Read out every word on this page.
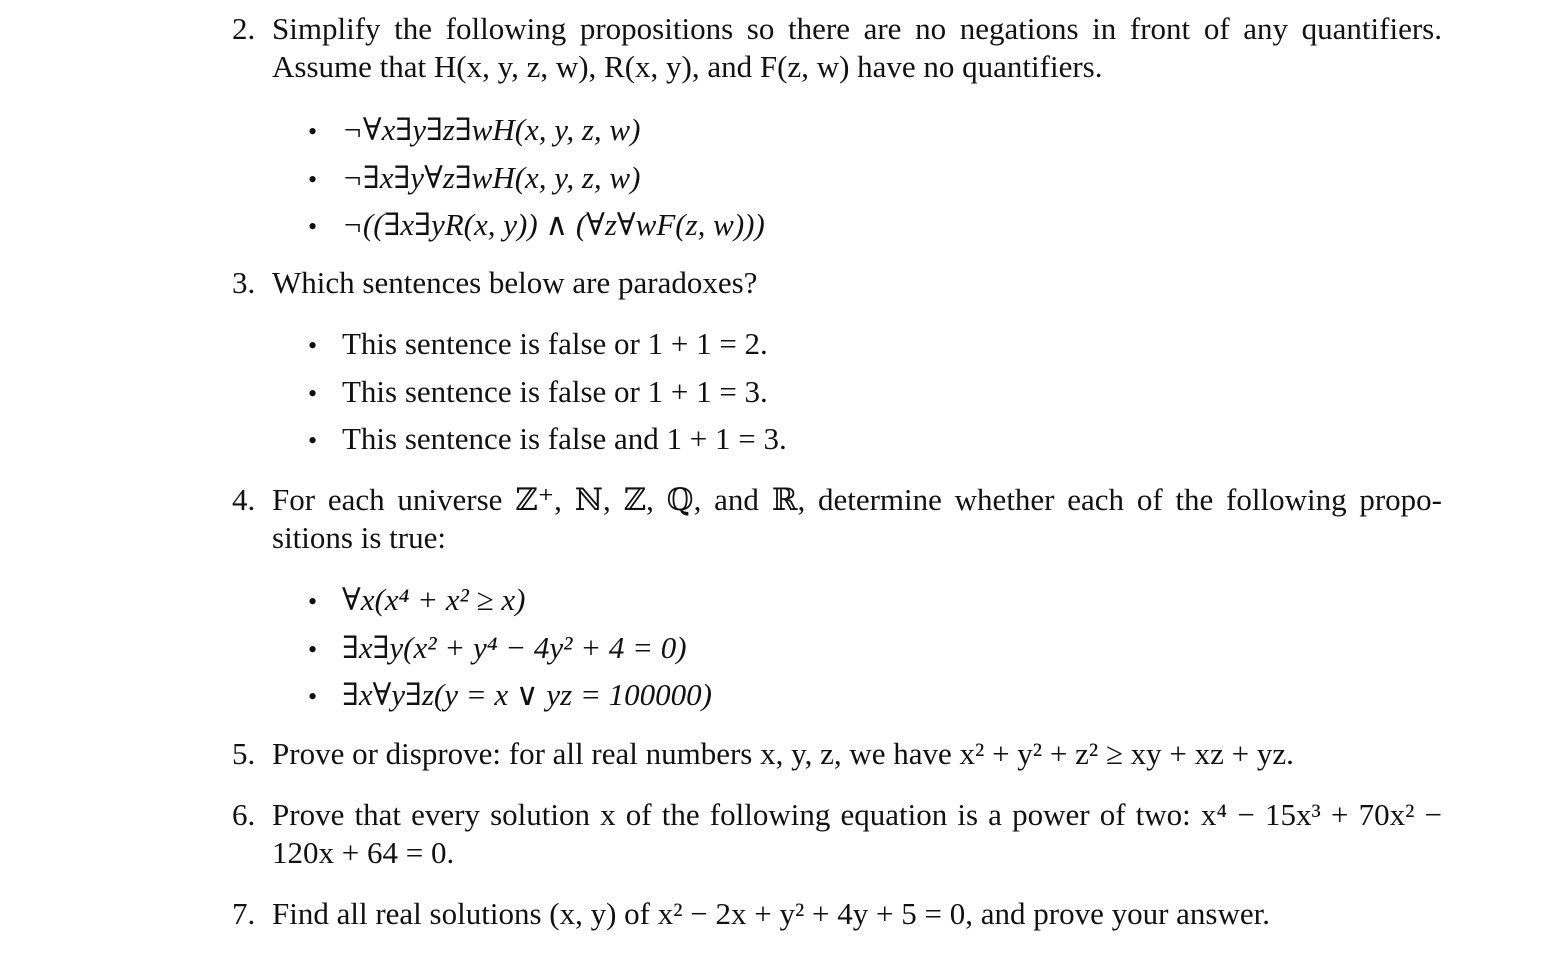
2. Simplify the following propositions so there are no negations in front of any quantifiers. Assume that H(x, y, z, w), R(x, y), and F(z, w) have no quantifiers.
• ¬∀x∃y∃z∃wH(x, y, z, w)
• ¬∃x∃y∀z∃wH(x, y, z, w)
• ¬((∃x∃yR(x, y)) ∧ (∀z∀wF(z, w)))
3. Which sentences below are paradoxes?
• This sentence is false or 1 + 1 = 2.
• This sentence is false or 1 + 1 = 3.
• This sentence is false and 1 + 1 = 3.
4. For each universe ℤ⁺, ℕ, ℤ, ℚ, and ℝ, determine whether each of the following propo-sitions is true:
• ∀x(x⁴ + x² ≥ x)
• ∃x∃y(x² + y⁴ − 4y² + 4 = 0)
• ∃x∀y∃z(y = x ∨ yz = 100000)
5. Prove or disprove: for all real numbers x, y, z, we have x² + y² + z² ≥ xy + xz + yz.
6. Prove that every solution x of the following equation is a power of two: x⁴ − 15x³ + 70x² − 120x + 64 = 0.
7. Find all real solutions (x, y) of x² − 2x + y² + 4y + 5 = 0, and prove your answer.
